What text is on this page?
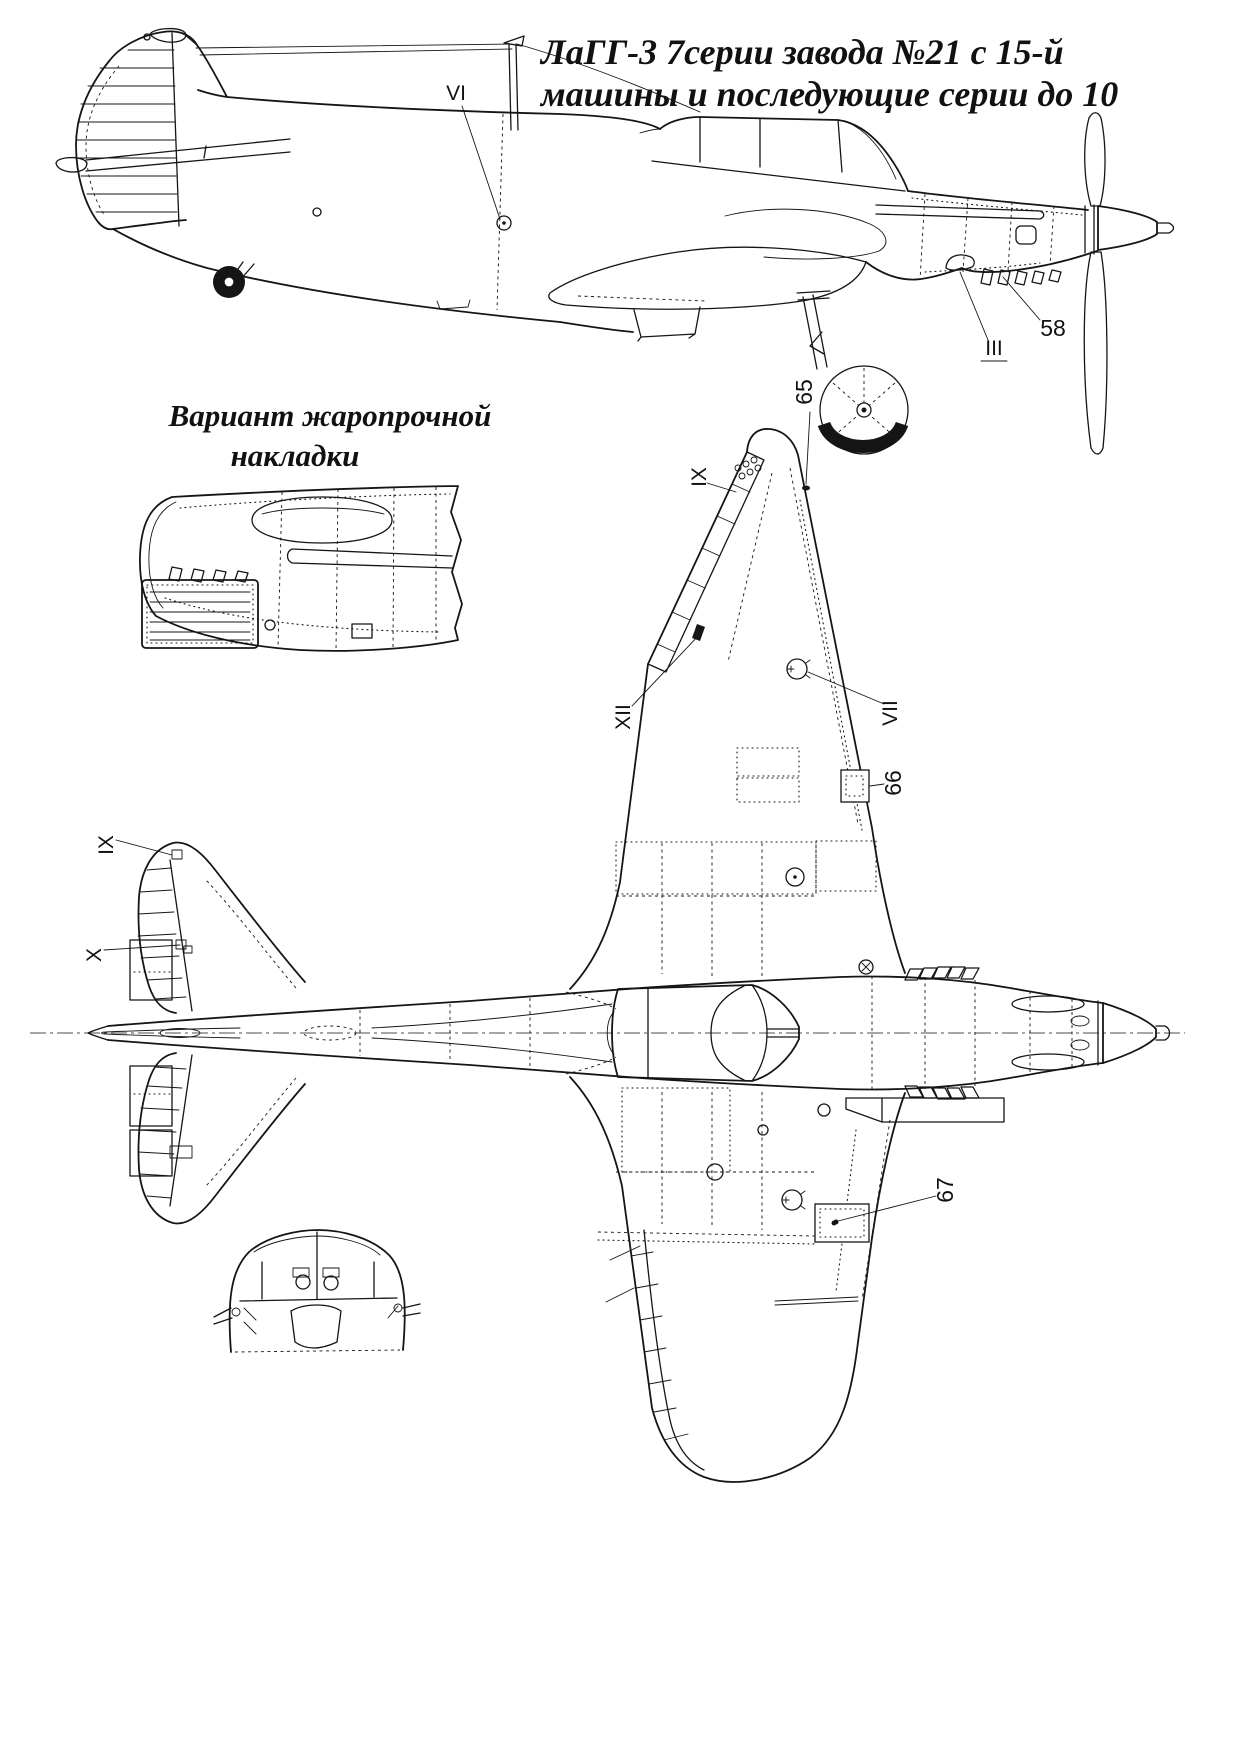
ЛаГГ-3 7серии завода №21 с 15-й
машины и последующие серии до 10
Вариант жаропрочной
накладки
VI
58
III
65
IX
XII	VII
66
IX
X
67
